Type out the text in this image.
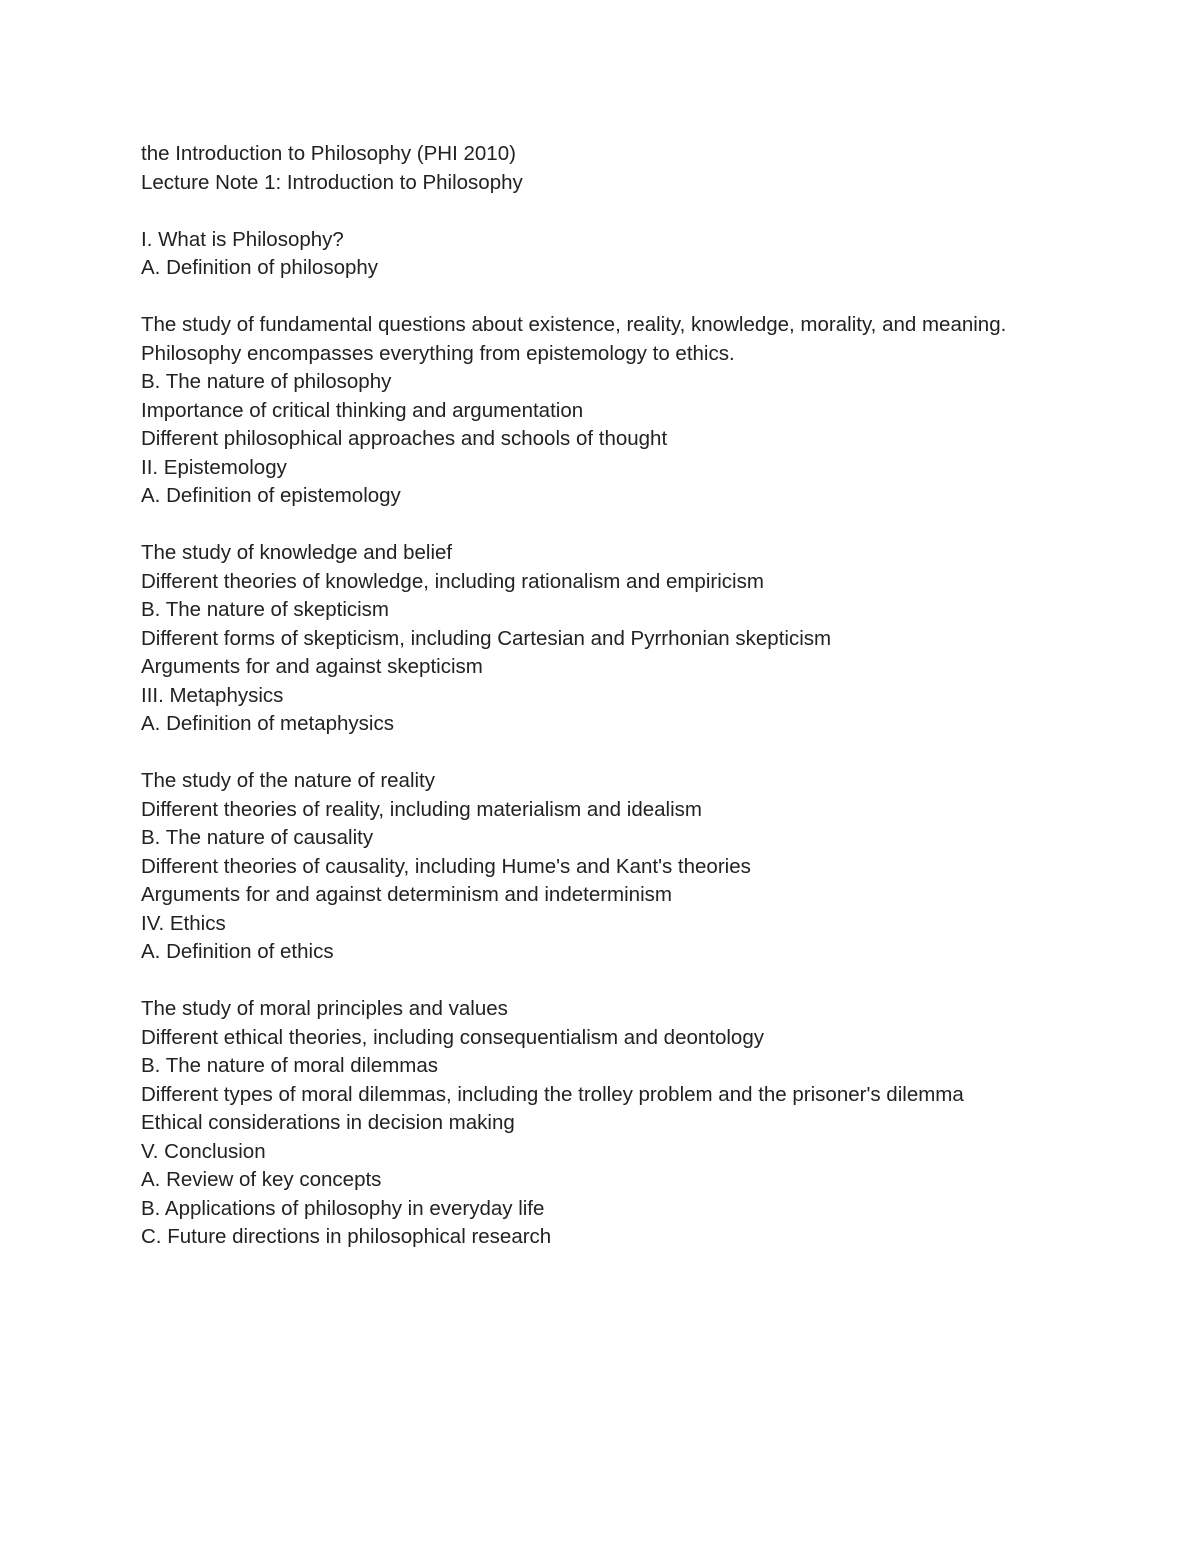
the Introduction to Philosophy (PHI 2010)
Lecture Note 1: Introduction to Philosophy
I. What is Philosophy?
A. Definition of philosophy
The study of fundamental questions about existence, reality, knowledge, morality, and meaning.
Philosophy encompasses everything from epistemology to ethics.
B. The nature of philosophy
Importance of critical thinking and argumentation
Different philosophical approaches and schools of thought
II. Epistemology
A. Definition of epistemology
The study of knowledge and belief
Different theories of knowledge, including rationalism and empiricism
B. The nature of skepticism
Different forms of skepticism, including Cartesian and Pyrrhonian skepticism
Arguments for and against skepticism
III. Metaphysics
A. Definition of metaphysics
The study of the nature of reality
Different theories of reality, including materialism and idealism
B. The nature of causality
Different theories of causality, including Hume's and Kant's theories
Arguments for and against determinism and indeterminism
IV. Ethics
A. Definition of ethics
The study of moral principles and values
Different ethical theories, including consequentialism and deontology
B. The nature of moral dilemmas
Different types of moral dilemmas, including the trolley problem and the prisoner's dilemma
Ethical considerations in decision making
V. Conclusion
A. Review of key concepts
B. Applications of philosophy in everyday life
C. Future directions in philosophical research
